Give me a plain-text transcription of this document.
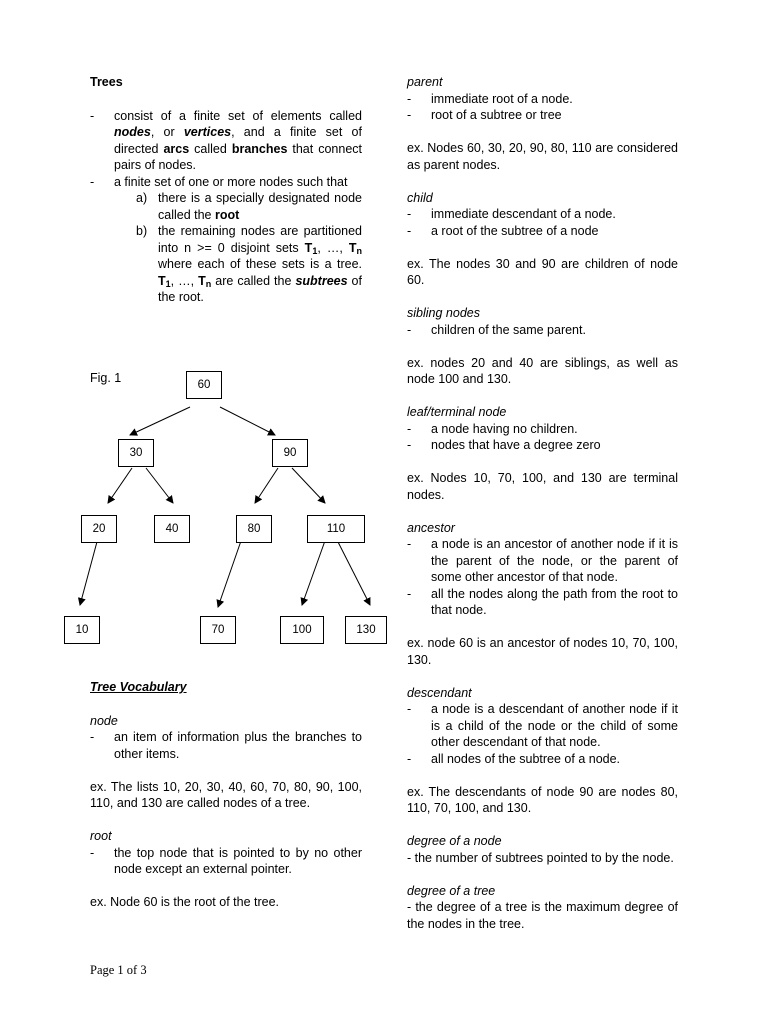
Trees

- consist of a finite set of elements called nodes, or vertices, and a finite set of directed arcs called branches that connect pairs of nodes.

- a finite set of one or more nodes such that

a) there is a specially designated node called the root

b) the remaining nodes are partitioned into n >= 0 disjoint sets $T_1$, …, $T_n$ where each of these sets is a tree. $T_1$, …, $T_n$ are called the subtrees of the root.

Fig. 1	60
30	90
20	40	80	110
10	70	100	130

Tree Vocabulary

node

- an item of information plus the branches to other items.

ex. The lists 10, 20, 30, 40, 60, 70, 80, 90, 100, 110, and 130 are called nodes of a tree.

root

- the top node that is pointed to by no other node except an external pointer.

ex. Node 60 is the root of the tree.

parent

- immediate root of a node.

- root of a subtree or tree

ex. Nodes 60, 30, 20, 90, 80, 110 are considered as parent nodes.

child

- immediate descendant of a node.

- a root of the subtree of a node

ex. The nodes 30 and 90 are children of node 60.

sibling nodes

- children of the same parent.

ex. nodes 20 and 40 are siblings, as well as node 100 and 130.

leaf/terminal node

- a node having no children.

- nodes that have a degree zero

ex. Nodes 10, 70, 100, and 130 are terminal nodes.

ancestor

- a node is an ancestor of another node if it is the parent of the node, or the parent of some other ancestor of that node.

- all the nodes along the path from the root to that node.

ex. node 60 is an ancestor of nodes 10, 70, 100, 130.

descendant

- a node is a descendant of another node if it is a child of the node or the child of some other descendant of that node.

- all nodes of the subtree of a node.

ex. The descendants of node 90 are nodes 80, 110, 70, 100, and 130.

degree of a node

- the number of subtrees pointed to by the node.

degree of a tree

- the degree of a tree is the maximum degree of the nodes in the tree.

Page 1 of 3
